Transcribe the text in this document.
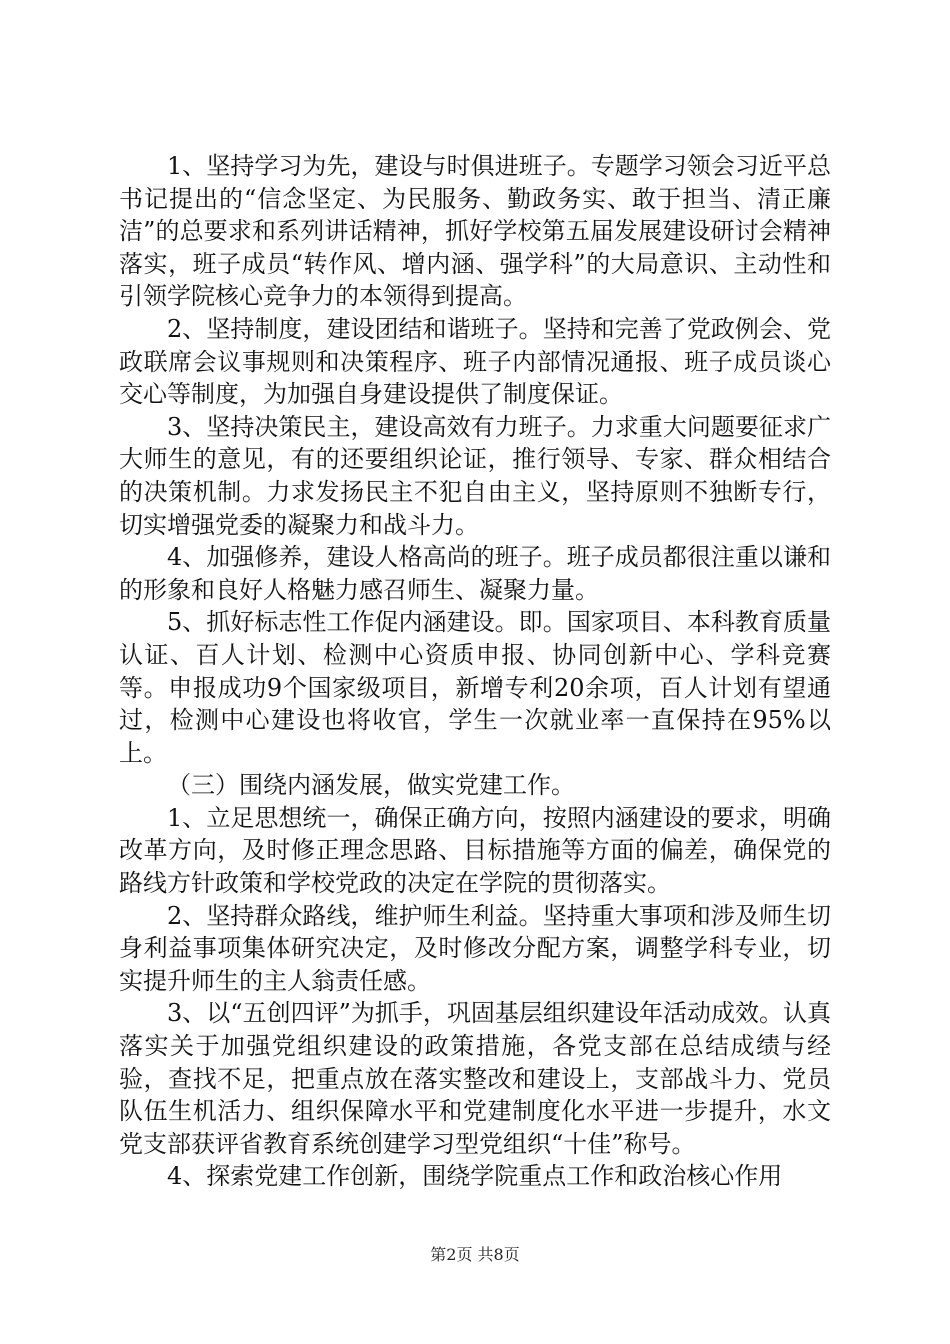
1、坚持学习为先，建设与时俱进班子。专题学习领会习近平总书记提出的“信念坚定、为民服务、勤政务实、敢于担当、清正廉洁”的总要求和系列讲话精神，抓好学校第五届发展建设研讨会精神落实，班子成员“转作风、增内涵、强学科”的大局意识、主动性和引领学院核心竞争力的本领得到提高。

2、坚持制度，建设团结和谐班子。坚持和完善了党政例会、党政联席会议事规则和决策程序、班子内部情况通报、班子成员谈心交心等制度，为加强自身建设提供了制度保证。

3、坚持决策民主，建设高效有力班子。力求重大问题要征求广大师生的意见，有的还要组织论证，推行领导、专家、群众相结合的决策机制。力求发扬民主不犯自由主义，坚持原则不独断专行，切实增强党委的凝聚力和战斗力。

4、加强修养，建设人格高尚的班子。班子成员都很注重以谦和的形象和良好人格魅力感召师生、凝聚力量。

5、抓好标志性工作促内涵建设。即。国家项目、本科教育质量认证、百人计划、检测中心资质申报、协同创新中心、学科竞赛等。申报成功9个国家级项目，新增专利20余项，百人计划有望通过，检测中心建设也将收官，学生一次就业率一直保持在95%以上。

（三）围绕内涵发展，做实党建工作。

1、立足思想统一，确保正确方向，按照内涵建设的要求，明确改革方向，及时修正理念思路、目标措施等方面的偏差，确保党的路线方针政策和学校党政的决定在学院的贯彻落实。

2、坚持群众路线，维护师生利益。坚持重大事项和涉及师生切身利益事项集体研究决定，及时修改分配方案，调整学科专业，切实提升师生的主人翁责任感。

3、以“五创四评”为抓手，巩固基层组织建设年活动成效。认真落实关于加强党组织建设的政策措施，各党支部在总结成绩与经验，查找不足，把重点放在落实整改和建设上，支部战斗力、党员队伍生机活力、组织保障水平和党建制度化水平进一步提升，水文党支部获评省教育系统创建学习型党组织“十佳”称号。

4、探索党建工作创新，围绕学院重点工作和政治核心作用

第2页 共8页
